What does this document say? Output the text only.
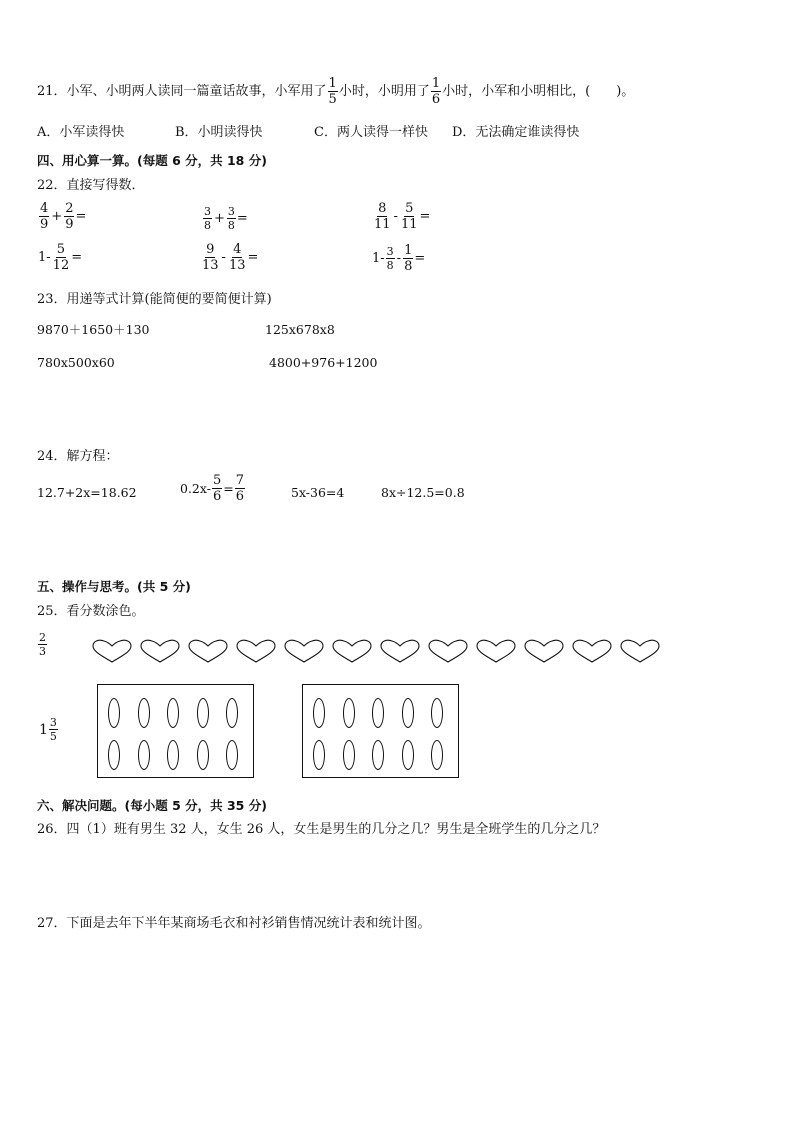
21．小军、小明两人读同一篇童话故事，小军用了 $\frac{1}{5}$ 小时，小明用了 $\frac{1}{6}$ 小时，小军和小明相比，(　　)。
A．小军读得快	B．小明读得快	C．两人读得一样快 D．无法确定谁读得快
四、用心算一算。(每题 6 分，共 18 分)
22．直接写得数．
$\frac{4}{9} + \frac{2}{9}$ =	$\frac{3}{8} + \frac{3}{8}$ =	$\frac{8}{11} - \frac{5}{11}$ =
$1- \frac{5}{12}$ =	$\frac{9}{13} - \frac{4}{13}$ =	$1- \frac{3}{8} - \frac{1}{8}$ =
23．用递等式计算(能简便的要简便计算)
9870＋1650＋130	125x678x8
780x500x60	4800+976+1200
24．解方程：
12.7+2x=18.62	$0.2x- \frac{5}{6} = \frac{7}{6}$	5x-36=4	8x÷12.5=0.8
五、操作与思考。(共 5 分)
25．看分数涂色。
$\frac{2}{3}$
$1 \frac{3}{5}$
六、解决问题。(每小题 5 分，共 35 分)
26．四（1）班有男生 32 人，女生 26 人，女生是男生的几分之几？男生是全班学生的几分之几？
27．下面是去年下半年某商场毛衣和衬衫销售情况统计表和统计图。
